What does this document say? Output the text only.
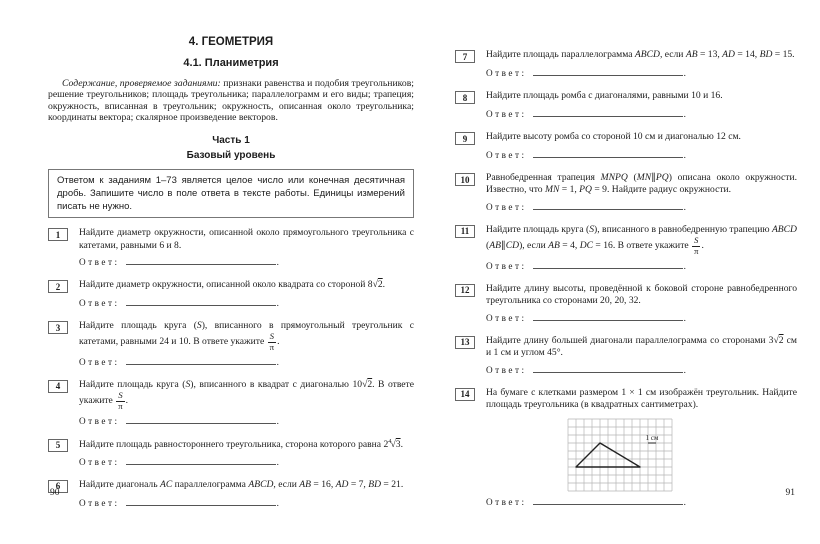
4. ГЕОМЕТРИЯ
4.1. Планиметрия

Содержание, проверяемое заданиями: признаки равенства и подобия треугольников; решение треугольников; площадь треугольника; параллелограмм и его виды; трапеция; окружность, вписанная в треугольник; окружность, описанная около треугольника; координаты вектора; скалярное произведение векторов.

Часть 1
Базовый уровень
Ответом к заданиям 1–73 является целое число или конечная десятичная дробь. Запишите число в поле ответа в тексте работы. Единицы измерений писать не нужно.
1	Найдите диаметр окружности, описанной около прямоугольного треугольника с катетами, равными 6 и 8.
Ответ:	.
2	Найдите диаметр окружности, описанной около квадрата со стороной 8√2.
Ответ:	.
3	Найдите площадь круга (S), вписанного в прямоугольный треугольник с катетами, равными 24 и 10. В ответе укажите $\frac{S}{\pi}$ .
Ответ:	.
4	Найдите площадь круга (S), вписанного в квадрат с диагональю 10√2. В ответе укажите $\frac{S}{\pi}$ .
Ответ:	.
5	Найдите площадь равностороннего треугольника, сторона которого равна $2^4√3$.
Ответ:	.
6	Найдите диагональ AC параллелограмма ABCD, если AB = 16, AD = 7, BD = 21.
Ответ:	.
90
7	Найдите площадь параллелограмма ABCD, если AB = 13, AD = 14, BD = 15.
Ответ:	.
8	Найдите площадь ромба с диагоналями, равными 10 и 16.
Ответ:	.
9	Найдите высоту ромба со стороной 10 см и диагональю 12 см.
Ответ:	.
10	Равнобедренная трапеция MNPQ (MN∥PQ) описана около окружности. Известно, что MN = 1, PQ = 9. Найдите радиус окружности.
Ответ:	.
11	Найдите площадь круга (S), вписанного в равнобедренную трапецию ABCD (AB∥CD), если AB = 4, DC = 16. В ответе укажите $\frac{S}{\pi}$ .
Ответ:	.
12	Найдите длину высоты, проведённой к боковой стороне равнобедренного треугольника со сторонами 20, 20, 32.
Ответ:	.
13	Найдите длину большей диагонали параллелограмма со сторонами 3√2 см и 1 см и углом 45°.
Ответ:	.
14	На бумаге с клетками размером 1 × 1 см изображён треугольник. Найдите площадь треугольника (в квадратных сантиметрах).
1 см
Ответ:	.
91
